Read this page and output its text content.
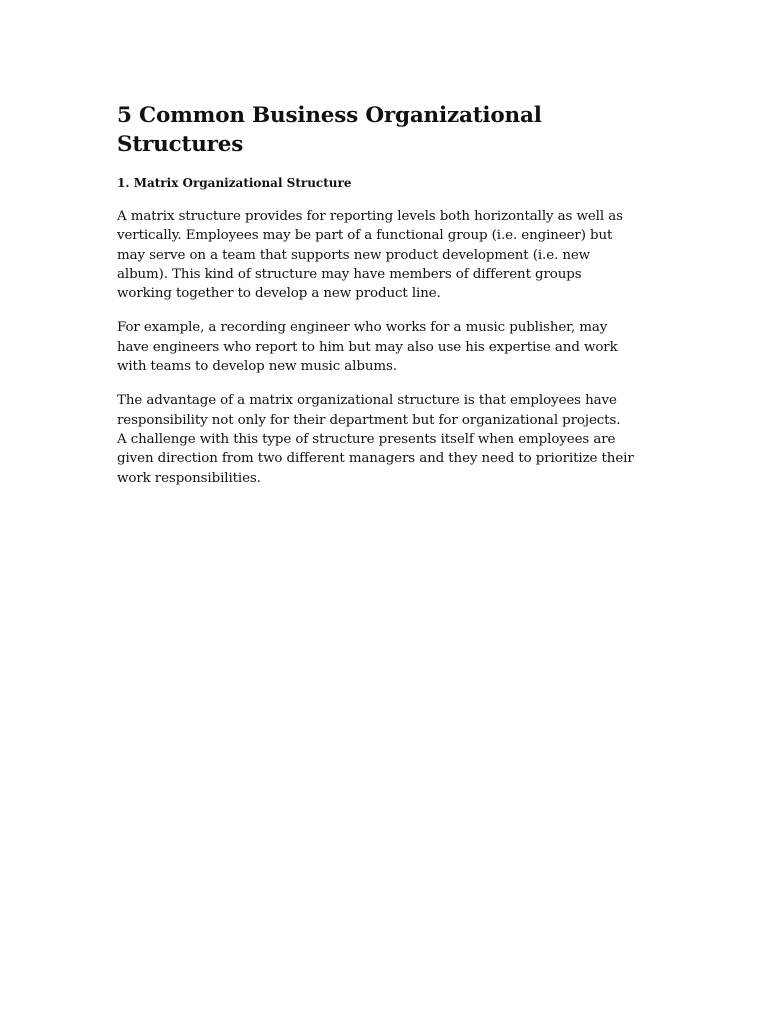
5 Common Business Organizational
Structures
1. Matrix Organizational Structure

A matrix structure provides for reporting levels both horizontally as well as
vertically. Employees may be part of a functional group (i.e. engineer) but
may serve on a team that supports new product development (i.e. new
album). This kind of structure may have members of different groups
working together to develop a new product line.

For example, a recording engineer who works for a music publisher, may
have engineers who report to him but may also use his expertise and work
with teams to develop new music albums.

The advantage of a matrix organizational structure is that employees have
responsibility not only for their department but for organizational projects.
A challenge with this type of structure presents itself when employees are
given direction from two different managers and they need to prioritize their
work responsibilities.
